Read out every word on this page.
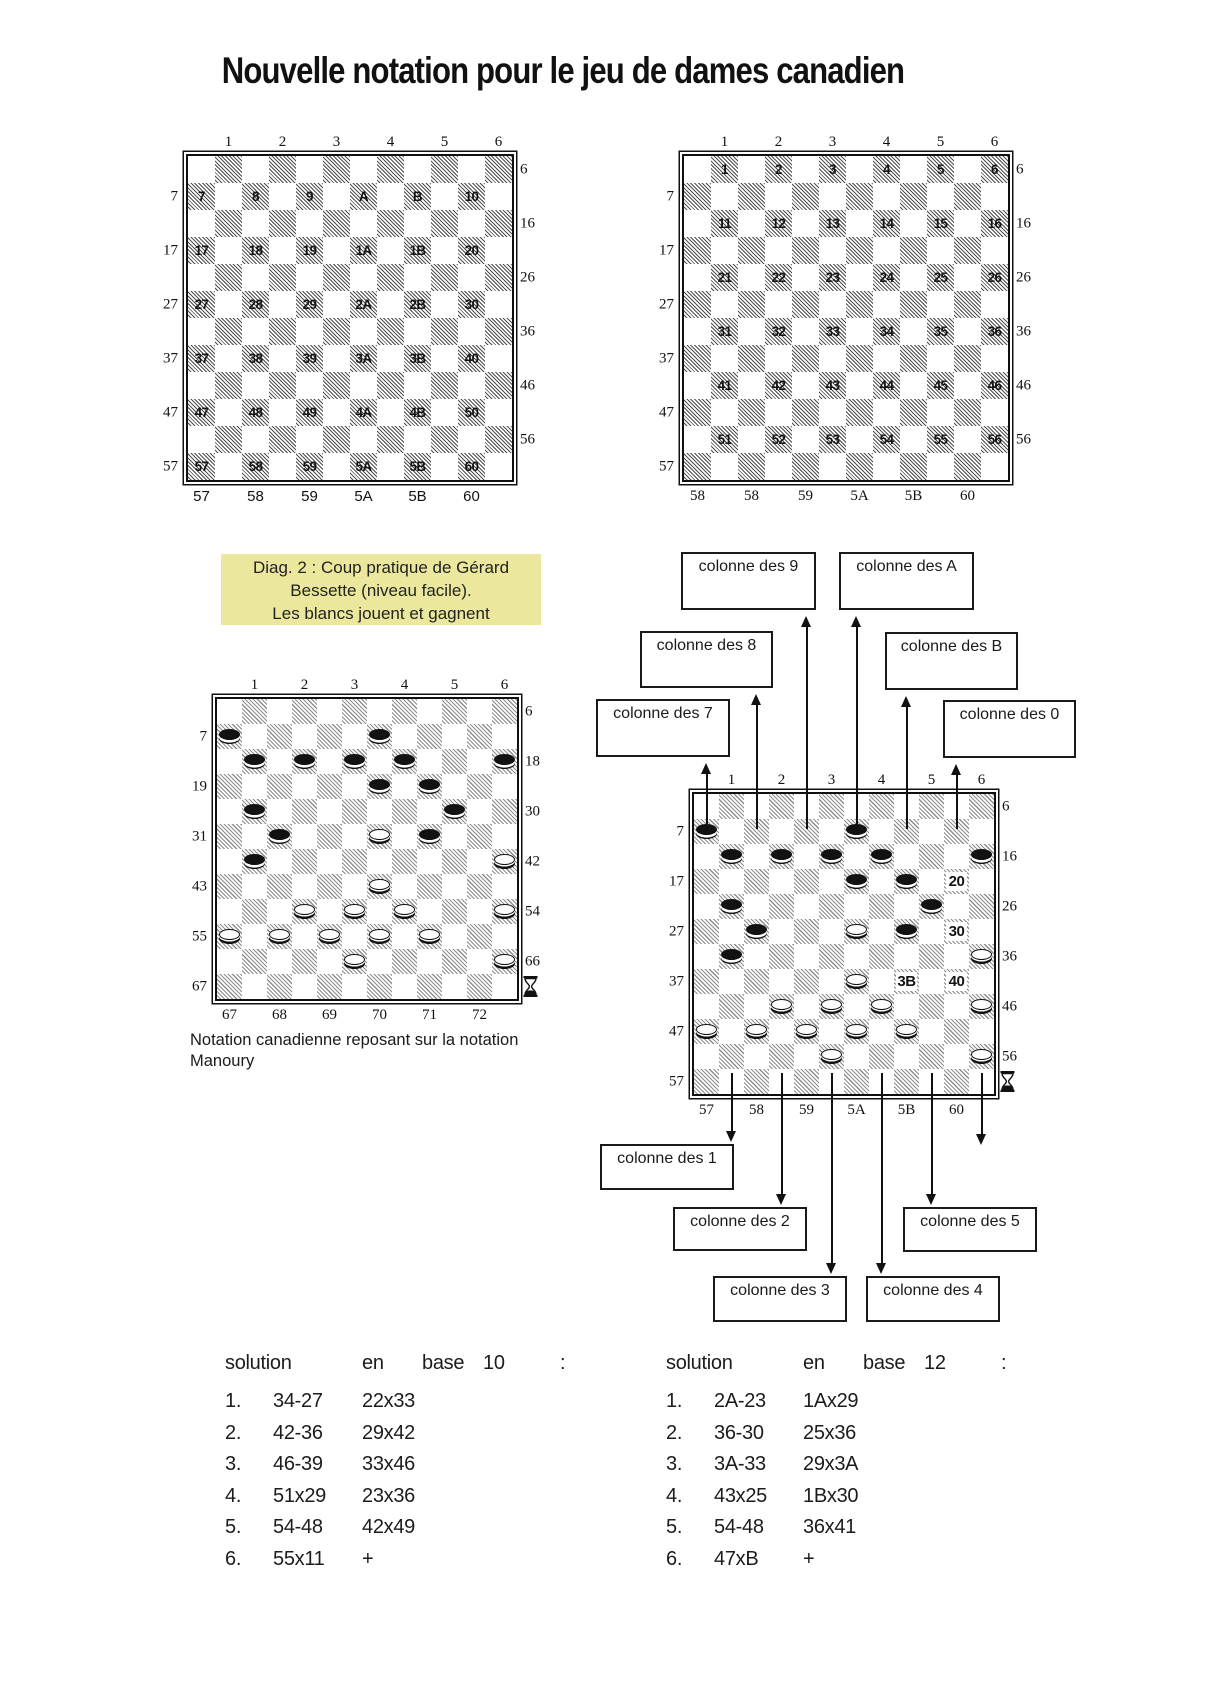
Nouvelle notation pour le jeu de dames canadien
Diag. 2 : Coup pratique de Gérard
Bessette (niveau facile).
Les blancs jouent et gagnent
Notation canadienne reposant sur la notation
Manoury
7	8	9	A	B	10
17	18	19	1A	1B	20
27	28	29	2A	2B	30
37	38	39	3A	3B	40
47	48	49	4A	4B	50
57	58	59	5A	5B	60
1	2	3	4	5	6
7
17
27
37
47
57
6
16
26
36
46
56
57 58 59 5A 5B 60
1	2	3	4	5	6
11	12	13	14	15	16
21	22	23	24	25	26
31	32	33	34	35	36
41	42	43	44	45	46
51	52	53	54	55	56
1	2	3	4	5	6
7
17
27
37
47
57
6
16
26
36
46
56
58	58	59 5A 5B	60
1	2	3	4	5	6
7
19
31
43
55
67
6
18
30
42
54
66
67 68 69 70 71 72
20
30
3B 40
1	2	3	4	5	6
7
17
27
37
47
57
6
16
26
36
46
56
57 58 59 5A 5B 60
colonne des 9	colonne des A
colonne des 8	colonne des B
colonne des 7	colonne des 0
colonne des 1
colonne des 2	colonne des 5
colonne des 3	colonne des 4
solution	en base 10	:
1. 34-27 22x33
2. 42-36 29x42
3. 46-39 33x46
4. 51x29 23x36
5. 54-48 42x49
6. 55x11 +
solution	en base 12	:
1. 2A-23 1Ax29
2. 36-30 25x36
3. 3A-33 29x3A
4. 43x25 1Bx30
5. 54-48 36x41
6. 47xB +
